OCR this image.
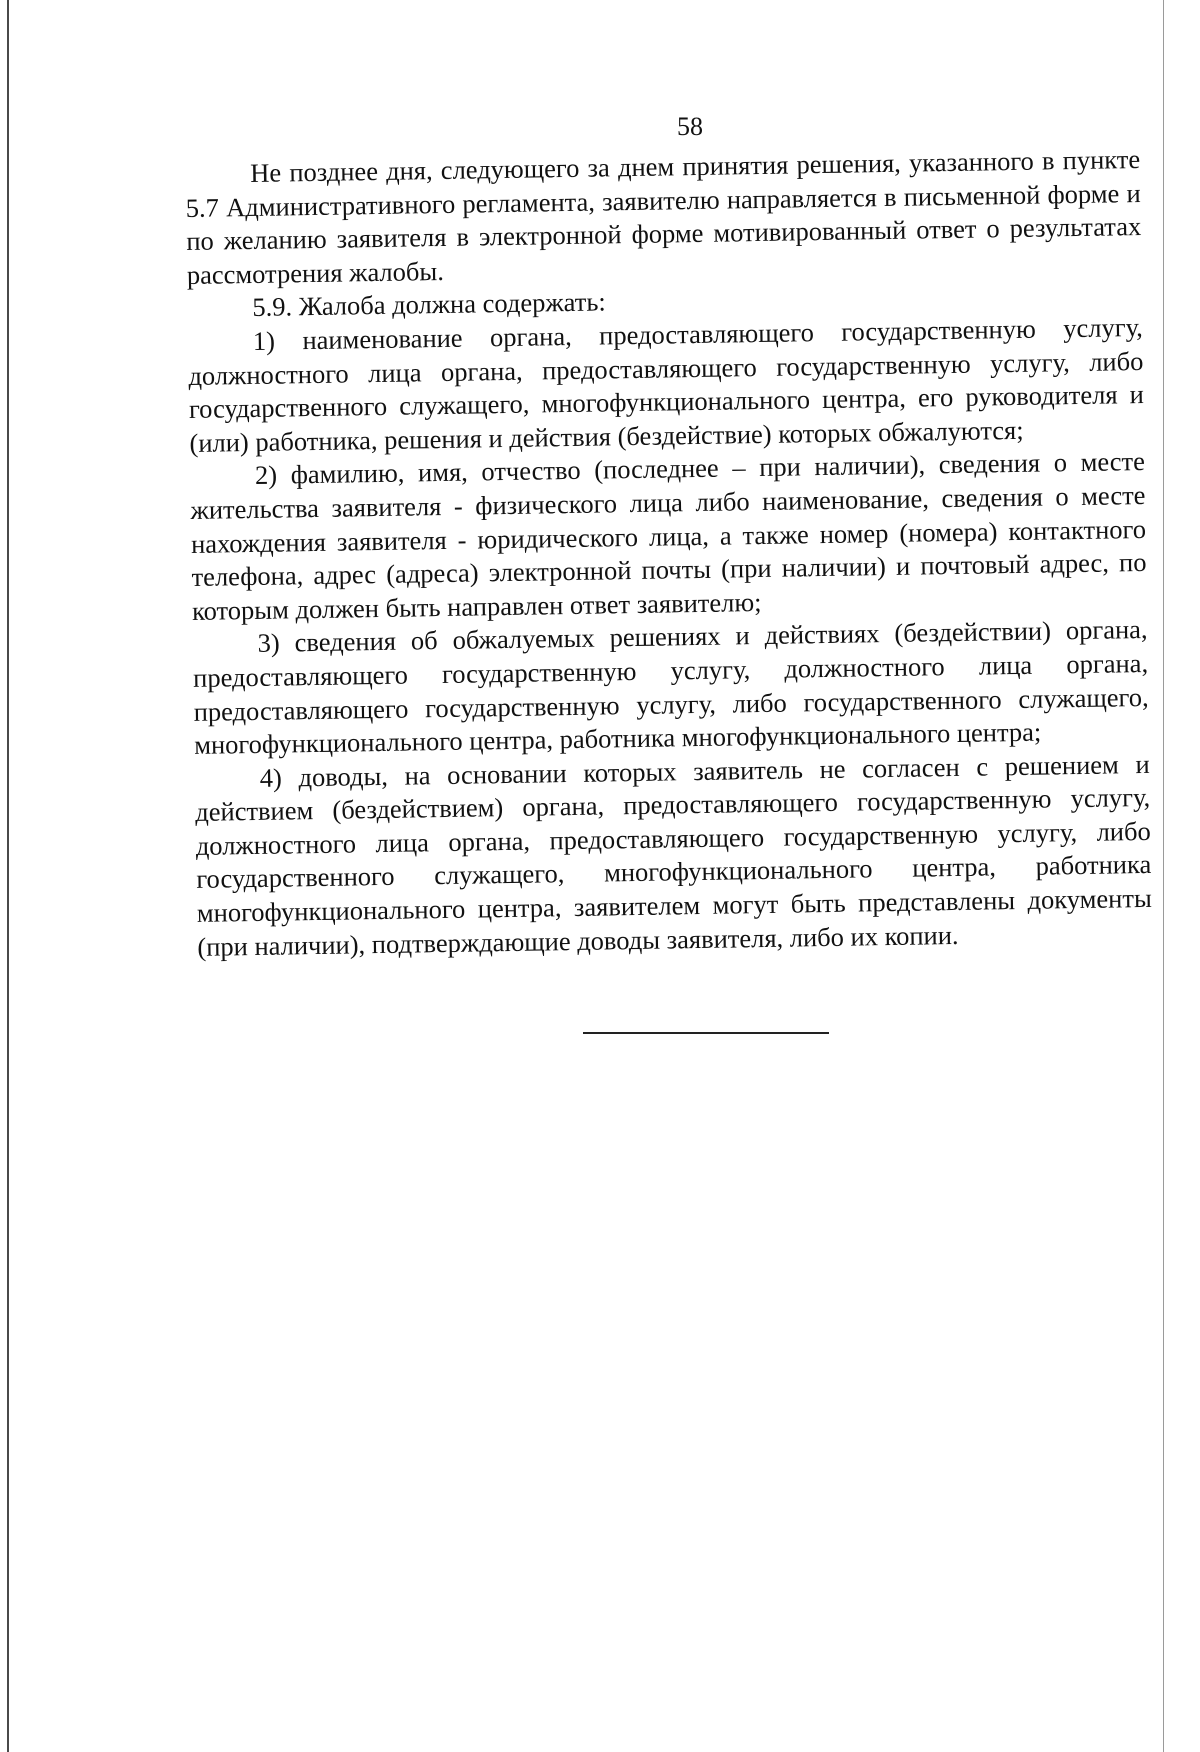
58

Не позднее дня, следующего за днем принятия решения, указанного в пункте 5.7 Административного регламента, заявителю направляется в письменной форме и по желанию заявителя в электронной форме мотивированный ответ о результатах рассмотрения жалобы.

5.9. Жалоба должна содержать:

1) наименование органа, предоставляющего государственную услугу, должностного лица органа, предоставляющего государственную услугу, либо государственного служащего, многофункционального центра, его руководителя и (или) работника, решения и действия (бездействие) которых обжалуются;

2) фамилию, имя, отчество (последнее – при наличии), сведения о месте жительства заявителя - физического лица либо наименование, сведения о месте нахождения заявителя - юридического лица, а также номер (номера) контактного телефона, адрес (адреса) электронной почты (при наличии) и почтовый адрес, по которым должен быть направлен ответ заявителю;

3) сведения об обжалуемых решениях и действиях (бездействии) органа, предоставляющего государственную услугу, должностного лица органа, предоставляющего государственную услугу, либо государственного служащего, многофункционального центра, работника многофункционального центра;

4) доводы, на основании которых заявитель не согласен с решением и действием (бездействием) органа, предоставляющего государственную услугу, должностного лица органа, предоставляющего государственную услугу, либо государственного служащего, многофункционального центра, работника многофункционального центра, заявителем могут быть представлены документы (при наличии), подтверждающие доводы заявителя, либо их копии.
